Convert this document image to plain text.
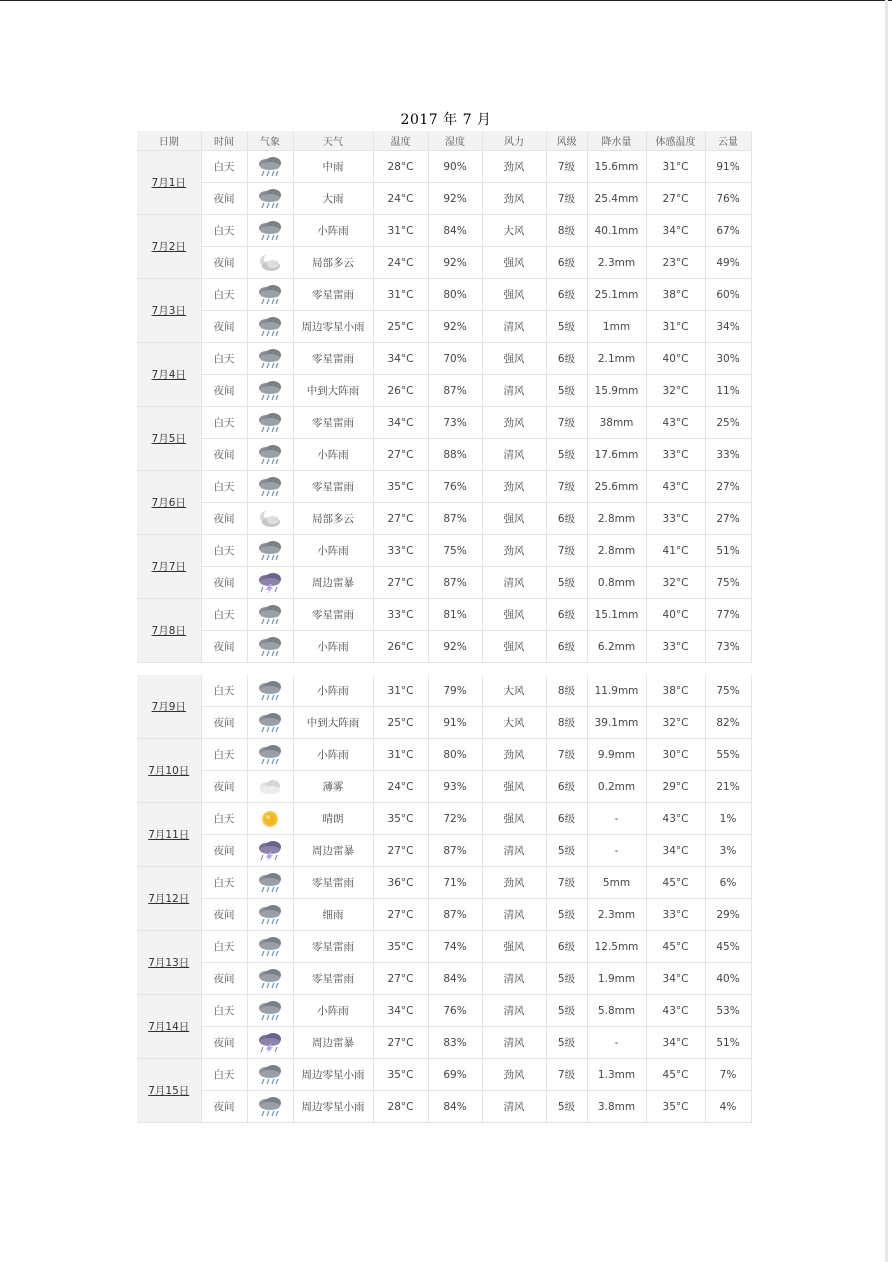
2017 年 7 月
日期	时间	气象	天气	温度	湿度	风力	风级	降水量	体感温度	云量
7月1日	白天		中雨	28°C	90%	劲风	7级	15.6mm	31°C	91%
	夜间		大雨	24°C	92%	劲风	7级	25.4mm	27°C	76%
7月2日	白天		小阵雨	31°C	84%	大风	8级	40.1mm	34°C	67%
	夜间		局部多云	24°C	92%	强风	6级	2.3mm	23°C	49%
7月3日	白天		零星雷雨	31°C	80%	强风	6级	25.1mm	38°C	60%
	夜间		周边零星小雨	25°C	92%	清风	5级	1mm	31°C	34%
7月4日	白天		零星雷雨	34°C	70%	强风	6级	2.1mm	40°C	30%
	夜间		中到大阵雨	26°C	87%	清风	5级	15.9mm	32°C	11%
7月5日	白天		零星雷雨	34°C	73%	劲风	7级	38mm	43°C	25%
	夜间		小阵雨	27°C	88%	清风	5级	17.6mm	33°C	33%
7月6日	白天		零星雷雨	35°C	76%	劲风	7级	25.6mm	43°C	27%
	夜间		局部多云	27°C	87%	强风	6级	2.8mm	33°C	27%
7月7日	白天		小阵雨	33°C	75%	劲风	7级	2.8mm	41°C	51%
	夜间		周边雷暴	27°C	87%	清风	5级	0.8mm	32°C	75%
7月8日	白天		零星雷雨	33°C	81%	强风	6级	15.1mm	40°C	77%
	夜间		小阵雨	26°C	92%	强风	6级	6.2mm	33°C	73%
7月9日	白天		小阵雨	31°C	79%	大风	8级	11.9mm	38°C	75%
	夜间		中到大阵雨	25°C	91%	大风	8级	39.1mm	32°C	82%
7月10日	白天		小阵雨	31°C	80%	劲风	7级	9.9mm	30°C	55%
	夜间		薄雾	24°C	93%	强风	6级	0.2mm	29°C	21%
7月11日	白天		晴朗	35°C	72%	强风	6级	-	43°C	1%
	夜间		周边雷暴	27°C	87%	清风	5级	-	34°C	3%
7月12日	白天		零星雷雨	36°C	71%	劲风	7级	5mm	45°C	6%
	夜间		细雨	27°C	87%	清风	5级	2.3mm	33°C	29%
7月13日	白天		零星雷雨	35°C	74%	强风	6级	12.5mm	45°C	45%
	夜间		零星雷雨	27°C	84%	清风	5级	1.9mm	34°C	40%
7月14日	白天		小阵雨	34°C	76%	清风	5级	5.8mm	43°C	53%
	夜间		周边雷暴	27°C	83%	清风	5级	-	34°C	51%
7月15日	白天		周边零星小雨	35°C	69%	劲风	7级	1.3mm	45°C	7%
	夜间		周边零星小雨	28°C	84%	清风	5级	3.8mm	35°C	4%
